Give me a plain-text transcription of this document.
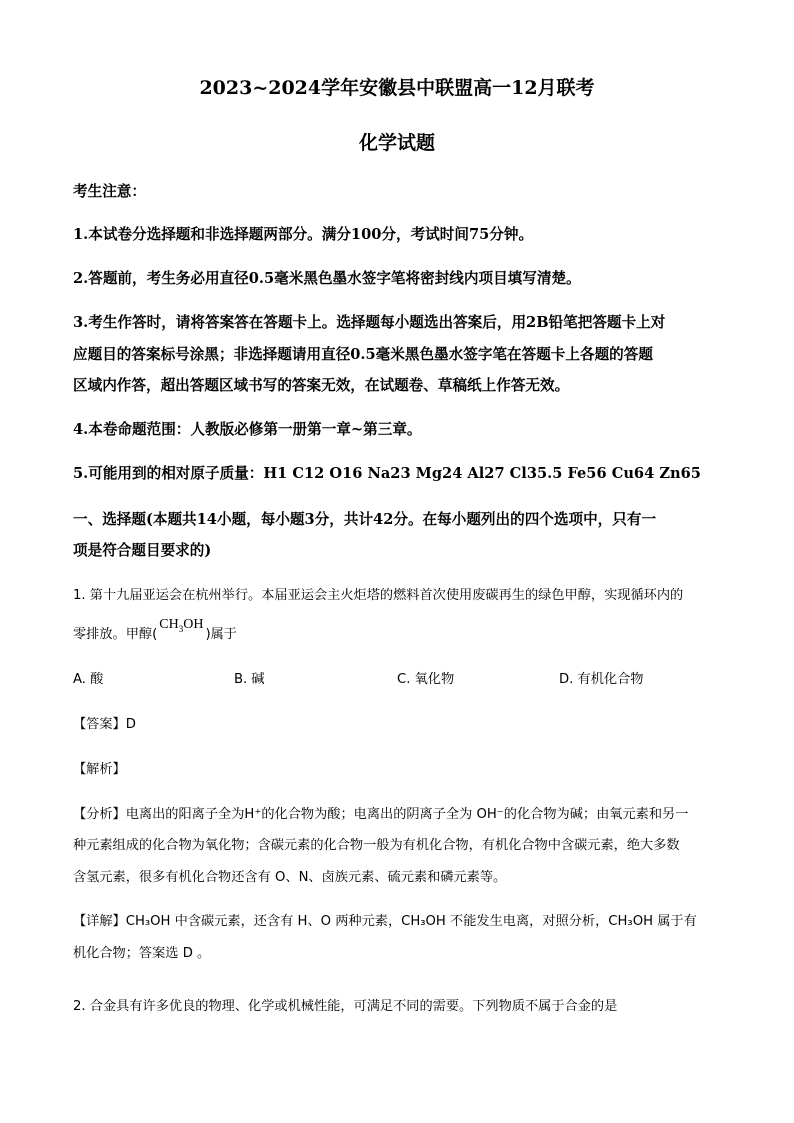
2023~2024学年安徽县中联盟高一12月联考
化学试题
考生注意：
1.本试卷分选择题和非选择题两部分。满分100分，考试时间75分钟。
2.答题前，考生务必用直径0.5毫米黑色墨水签字笔将密封线内项目填写清楚。
3.考生作答时，请将答案答在答题卡上。选择题每小题选出答案后，用2B铅笔把答题卡上对
应题目的答案标号涂黑；非选择题请用直径0.5毫米黑色墨水签字笔在答题卡上各题的答题
区域内作答，超出答题区域书写的答案无效，在试题卷、草稿纸上作答无效。
4.本卷命题范围：人教版必修第一册第一章~第三章。
5.可能用到的相对原子质量：H1 C12 O16 Na23 Mg24 Al27 Cl35.5 Fe56 Cu64 Zn65
一、选择题(本题共14小题，每小题3分，共计42分。在每小题列出的四个选项中，只有一
项是符合题目要求的)
1. 第十九届亚运会在杭州举行。本届亚运会主火炬塔的燃料首次使用废碳再生的绿色甲醇，实现循环内的
零排放。甲醇$(CH_3OH)$属于
A. 酸	B. 碱	C. 氧化物	D. 有机化合物
【答案】D
【解析】
【分析】电离出的阳离子全为H⁺的化合物为酸；电离出的阴离子全为 OH⁻的化合物为碱；由氧元素和另一
种元素组成的化合物为氧化物；含碳元素的化合物一般为有机化合物，有机化合物中含碳元素，绝大多数
含氢元素，很多有机化合物还含有 O、N、卤族元素、硫元素和磷元素等。
【详解】CH₃OH 中含碳元素，还含有 H、O 两种元素，CH₃OH 不能发生电离，对照分析，CH₃OH 属于有
机化合物；答案选 D 。
2. 合金具有许多优良的物理、化学或机械性能，可满足不同的需要。下列物质不属于合金的是
